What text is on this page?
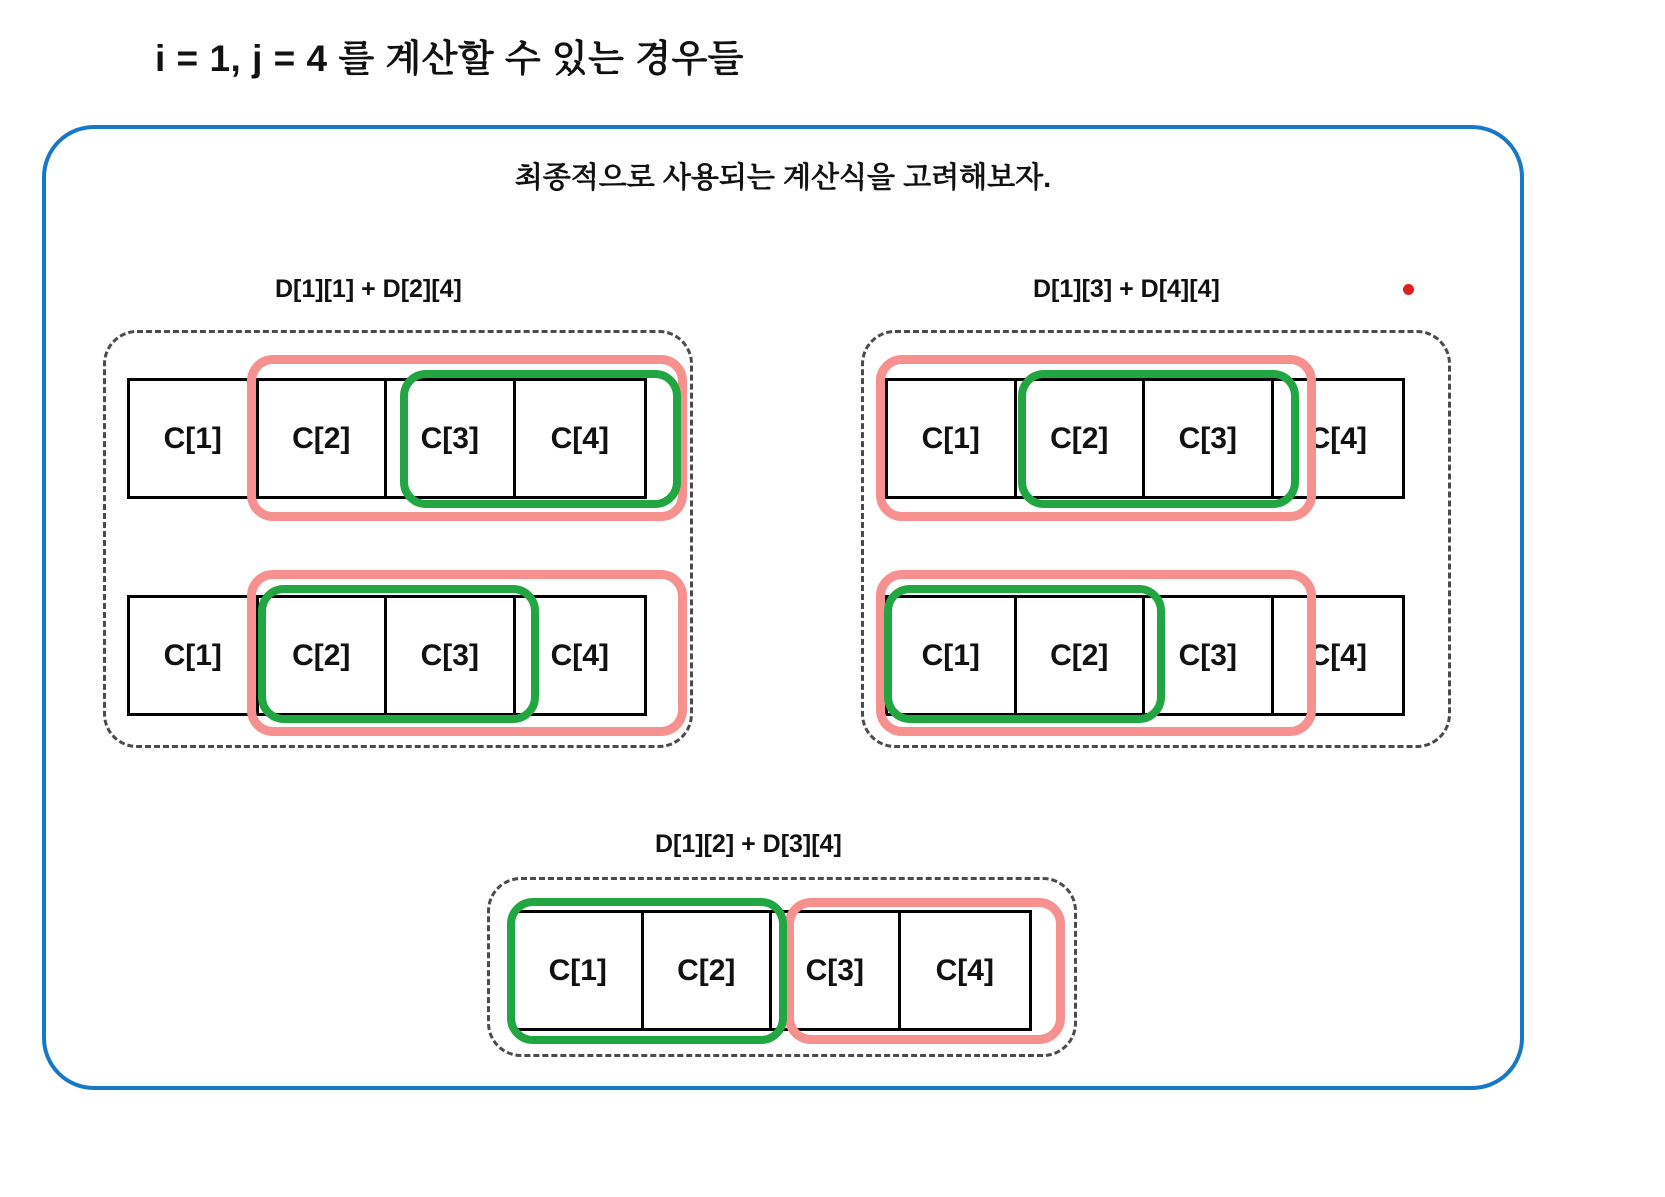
i = 1, j = 4 를 계산할 수 있는 경우들
최종적으로 사용되는 계산식을 고려해보자.
D[1][1] + D[2][4]
C[1]	C[2]	C[3]	C[4]
C[1]	C[2]	C[3]	C[4]
D[1][3] + D[4][4]
C[1]	C[2]	C[3]	C[4]
C[1]	C[2]	C[3]	C[4]
D[1][2] + D[3][4]
C[1]	C[2]	C[3]	C[4]
